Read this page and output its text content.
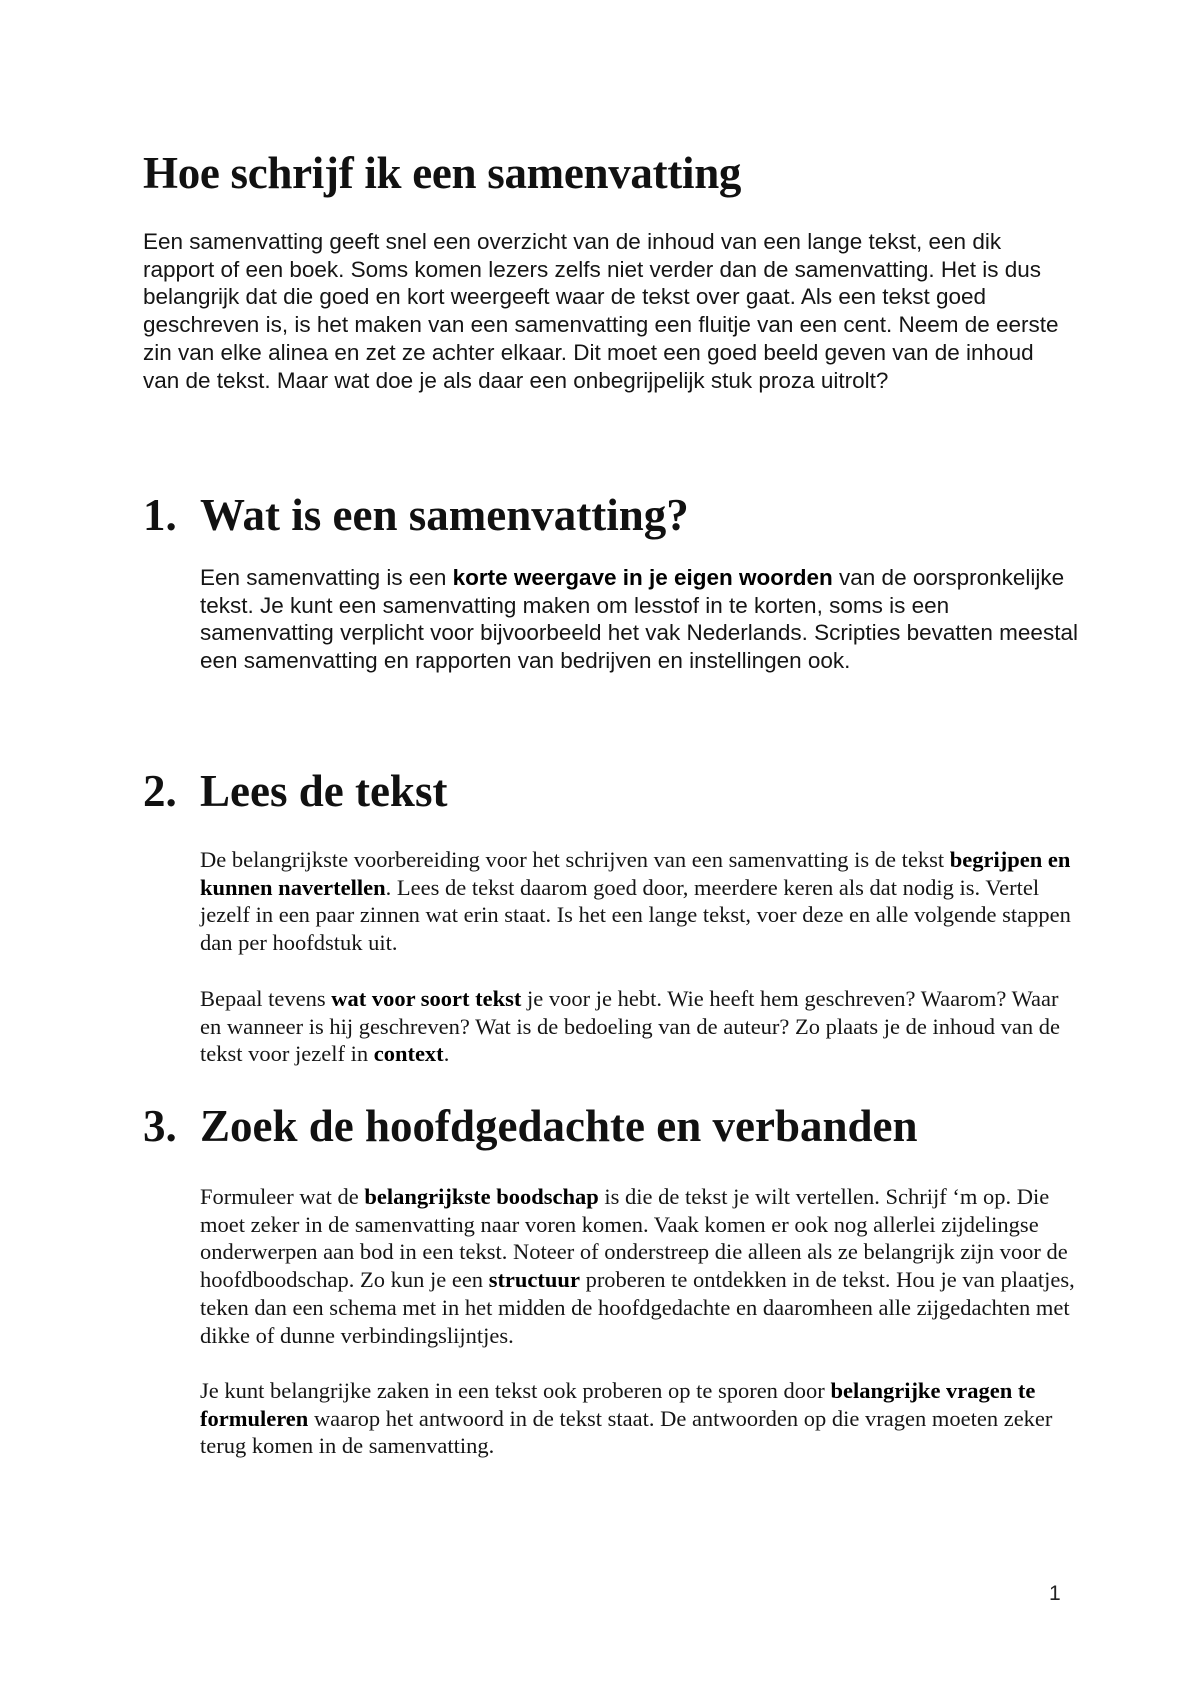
Hoe schrijf ik een samenvatting

Een samenvatting geeft snel een overzicht van de inhoud van een lange tekst, een dik rapport of een boek. Soms komen lezers zelfs niet verder dan de samenvatting. Het is dus belangrijk dat die goed en kort weergeeft waar de tekst over gaat. Als een tekst goed geschreven is, is het maken van een samenvatting een fluitje van een cent. Neem de eerste zin van elke alinea en zet ze achter elkaar. Dit moet een goed beeld geven van de inhoud van de tekst. Maar wat doe je als daar een onbegrijpelijk stuk proza uitrolt?

1. Wat is een samenvatting?

Een samenvatting is een korte weergave in je eigen woorden van de oorspronkelijke tekst. Je kunt een samenvatting maken om lesstof in te korten, soms is een samenvatting verplicht voor bijvoorbeeld het vak Nederlands. Scripties bevatten meestal een samenvatting en rapporten van bedrijven en instellingen ook.

2. Lees de tekst

De belangrijkste voorbereiding voor het schrijven van een samenvatting is de tekst begrijpen en kunnen navertellen. Lees de tekst daarom goed door, meerdere keren als dat nodig is. Vertel jezelf in een paar zinnen wat erin staat. Is het een lange tekst, voer deze en alle volgende stappen dan per hoofdstuk uit.

Bepaal tevens wat voor soort tekst je voor je hebt. Wie heeft hem geschreven? Waarom? Waar en wanneer is hij geschreven? Wat is de bedoeling van de auteur? Zo plaats je de inhoud van de tekst voor jezelf in context.

3. Zoek de hoofdgedachte en verbanden

Formuleer wat de belangrijkste boodschap is die de tekst je wilt vertellen. Schrijf ‘m op. Die moet zeker in de samenvatting naar voren komen. Vaak komen er ook nog allerlei zijdelingse onderwerpen aan bod in een tekst. Noteer of onderstreep die alleen als ze belangrijk zijn voor de hoofdboodschap. Zo kun je een structuur proberen te ontdekken in de tekst. Hou je van plaatjes, teken dan een schema met in het midden de hoofdgedachte en daaromheen alle zijgedachten met dikke of dunne verbindingslijntjes.

Je kunt belangrijke zaken in een tekst ook proberen op te sporen door belangrijke vragen te formuleren waarop het antwoord in de tekst staat. De antwoorden op die vragen moeten zeker terug komen in de samenvatting.

1
